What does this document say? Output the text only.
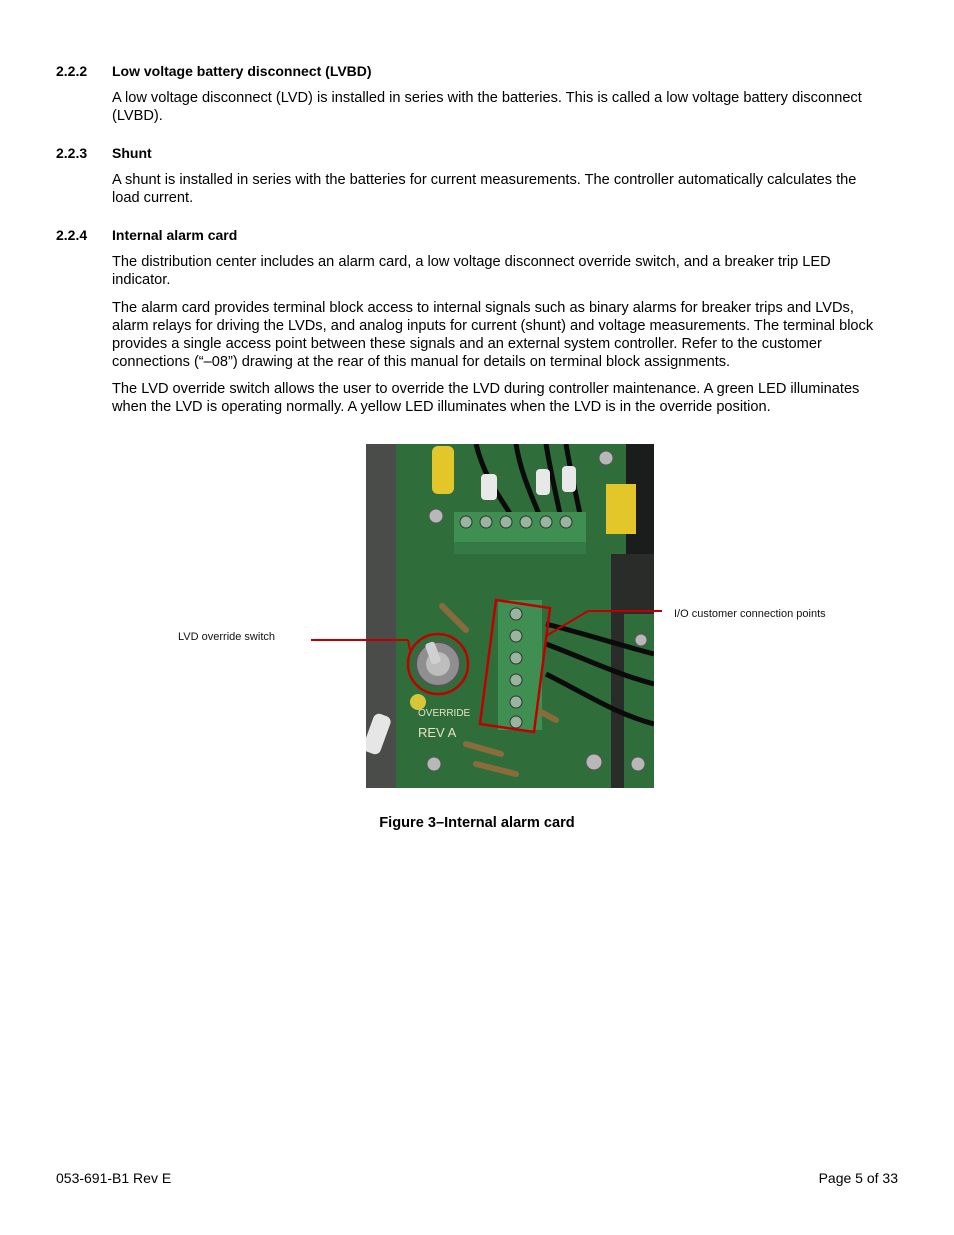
2.2.2 Low voltage battery disconnect (LVBD)
A low voltage disconnect (LVD) is installed in series with the batteries. This is called a low voltage battery disconnect (LVBD).
2.2.3 Shunt
A shunt is installed in series with the batteries for current measurements. The controller automatically calculates the load current.
2.2.4 Internal alarm card
The distribution center includes an alarm card, a low voltage disconnect override switch, and a breaker trip LED indicator.
The alarm card provides terminal block access to internal signals such as binary alarms for breaker trips and LVDs, alarm relays for driving the LVDs, and analog inputs for current (shunt) and voltage measurements. The terminal block provides a single access point between these signals and an external system controller. Refer to the customer connections (“–08”) drawing at the rear of this manual for details on terminal block assignments.
The LVD override switch allows the user to override the LVD during controller maintenance. A green LED illuminates when the LVD is operating normally. A yellow LED illuminates when the LVD is in the override position.
OVERRIDE
REV A
LVD override switch
I/O customer connection points
Figure 3–Internal alarm card
053-691-B1 Rev E	Page 5 of 33
